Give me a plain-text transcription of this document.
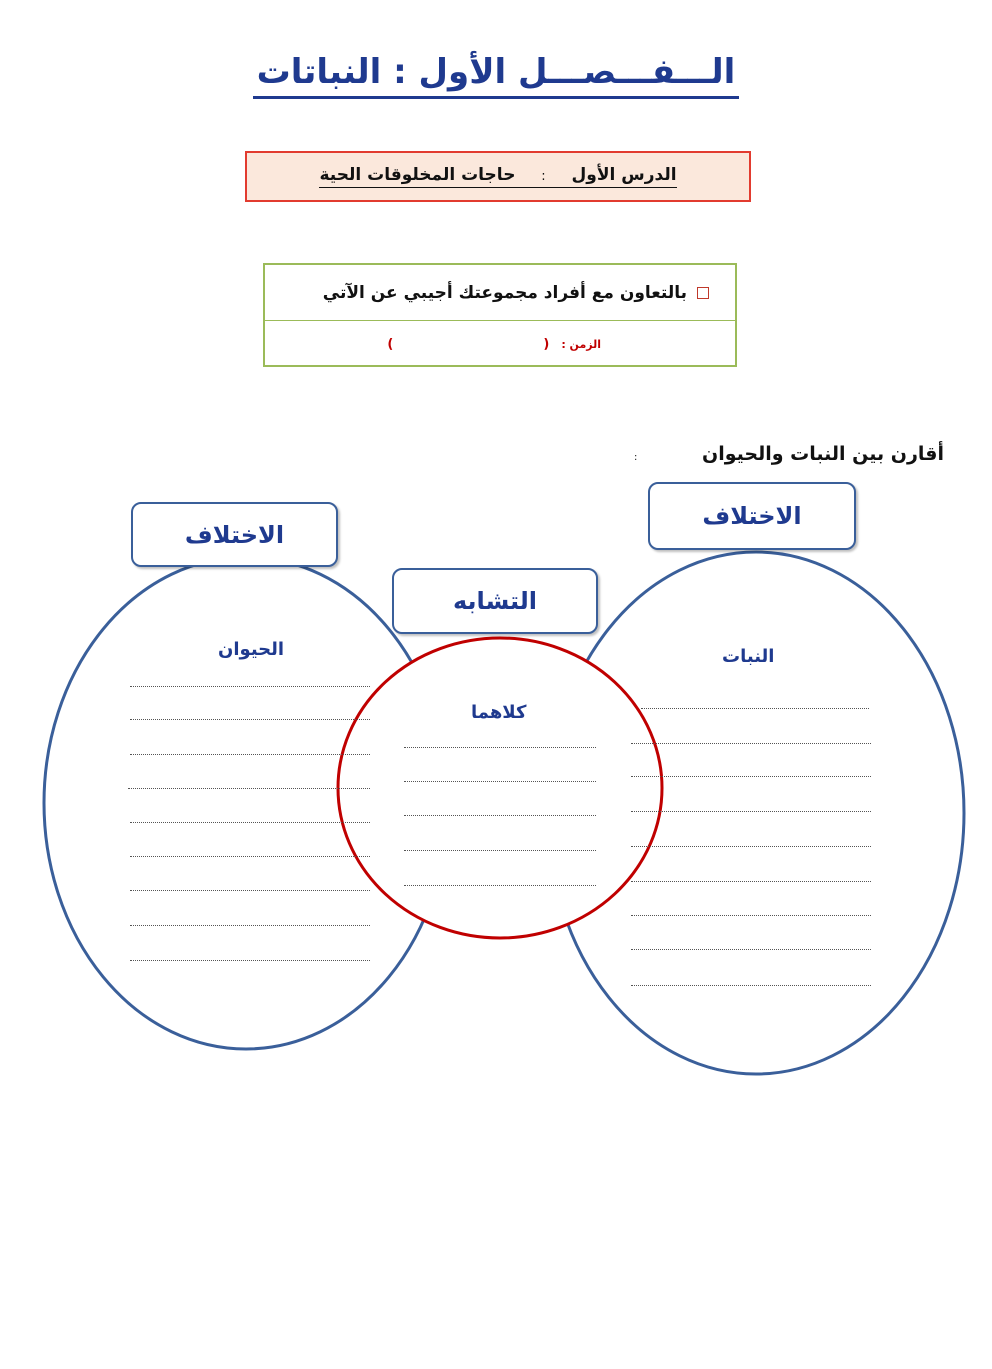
الـــفـــصـــل الأول : النباتات
الدرس الأول  :  حاجات المخلوقات الحية
بالتعاون مع أفراد مجموعتك أجيبي عن الآتي
الزمن :
(
)
أقارن بين النبات والحيوان
:
الاختلاف
التشابه
الاختلاف
الحيوان
كلاهما
النبات
